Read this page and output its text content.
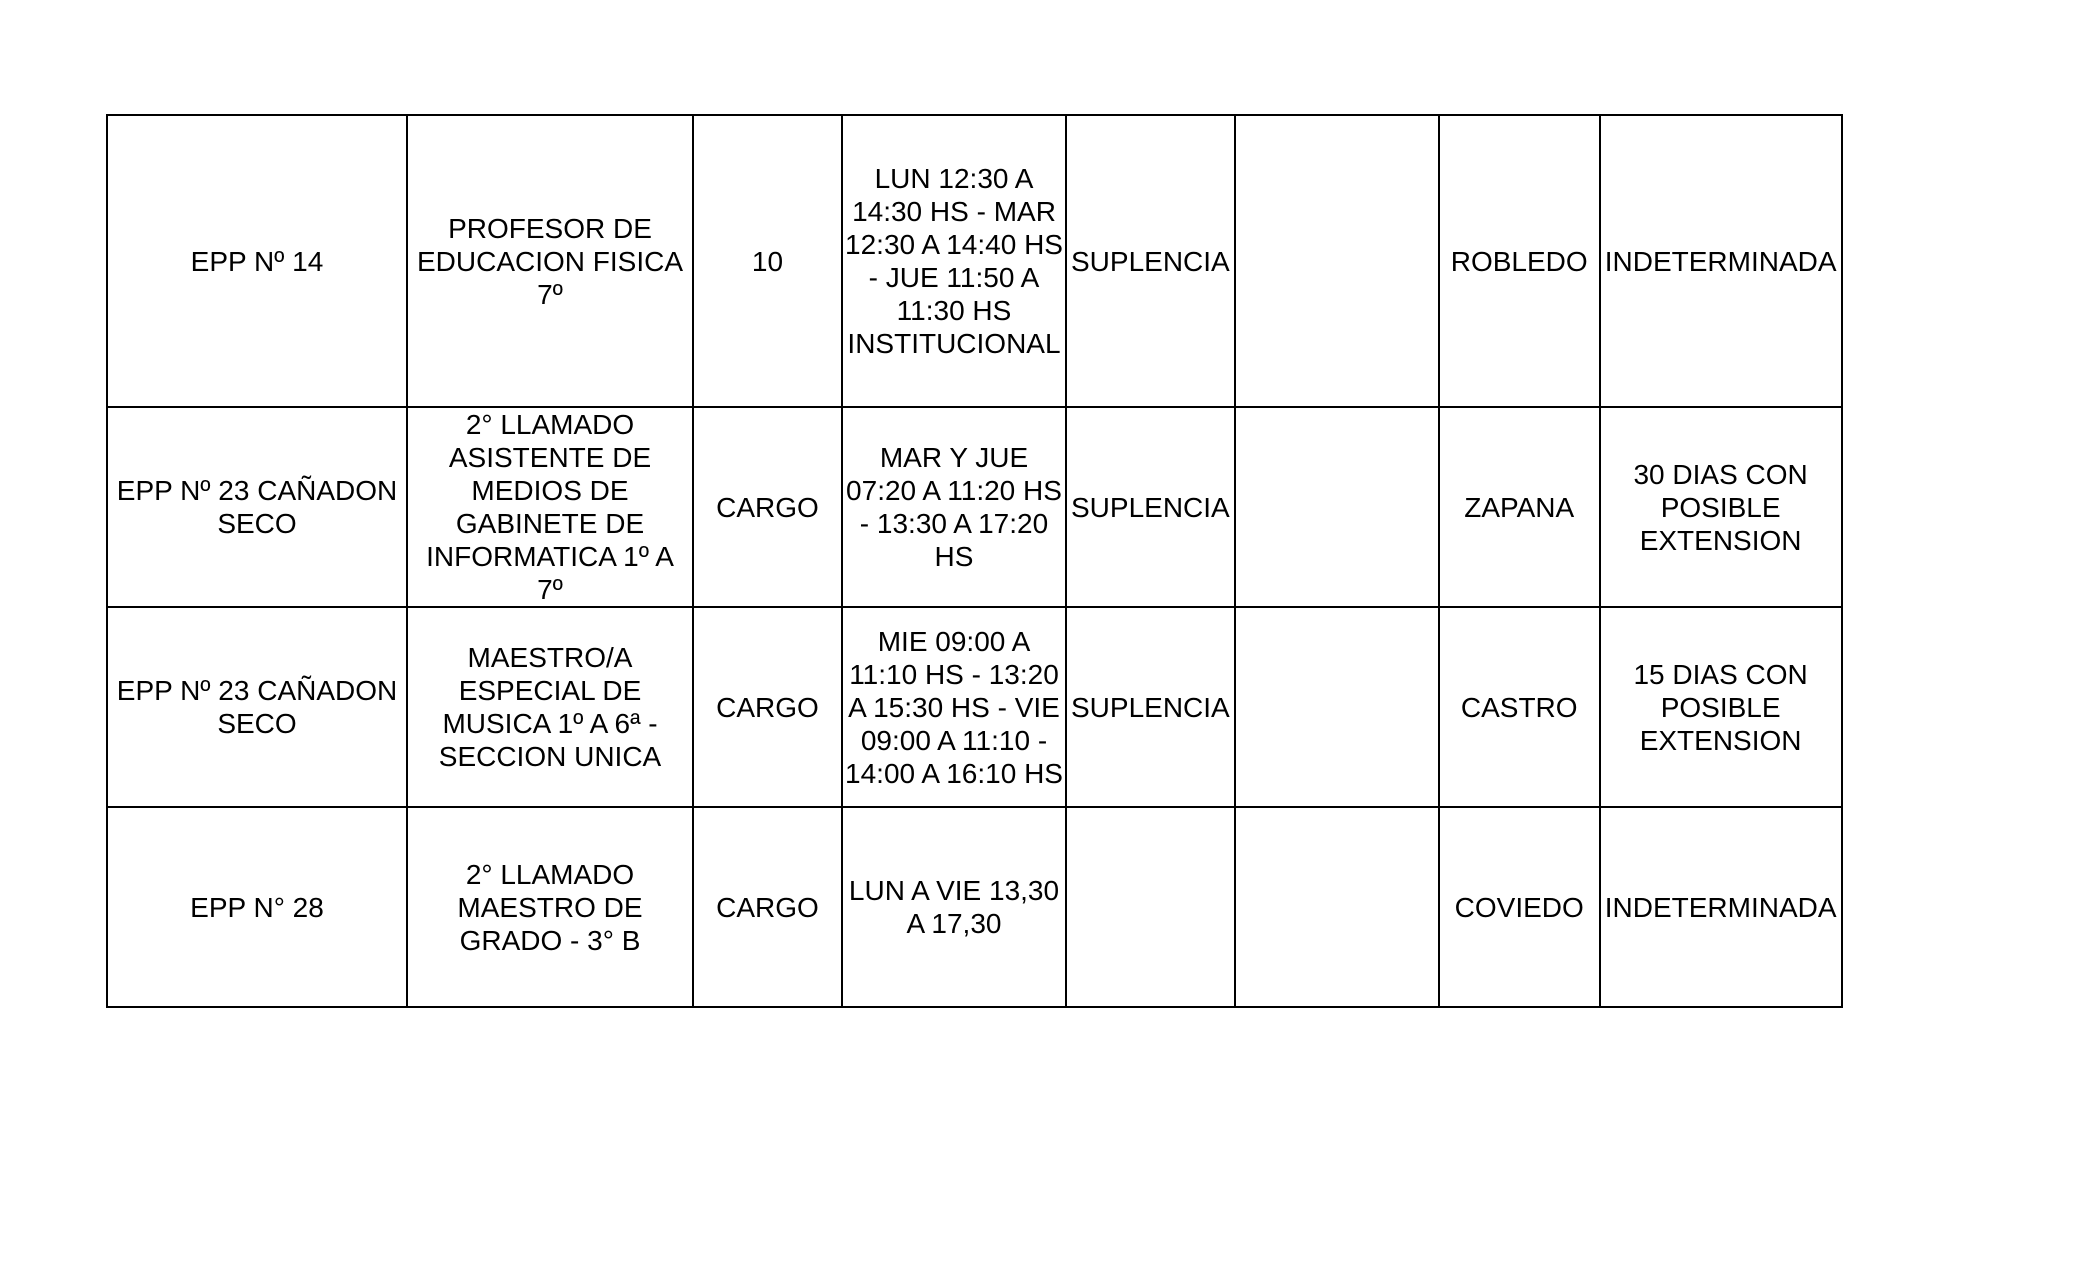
EPP Nº 14	PROFESOR DE EDUCACION FISICA 7º	10	LUN 12:30 A 14:30 HS - MAR 12:30 A 14:40 HS - JUE 11:50 A 11:30 HS INSTITUCIONAL	SUPLENCIA		ROBLEDO	INDETERMINADA
EPP Nº 23 CAÑADON SECO	2° LLAMADO ASISTENTE DE MEDIOS DE GABINETE DE INFORMATICA 1º A 7º	CARGO	MAR Y JUE 07:20 A 11:20 HS - 13:30 A 17:20 HS	SUPLENCIA		ZAPANA	30 DIAS CON POSIBLE EXTENSION
EPP Nº 23 CAÑADON SECO	MAESTRO/A ESPECIAL DE MUSICA 1º A 6ª - SECCION UNICA	CARGO	MIE 09:00 A 11:10 HS - 13:20 A 15:30 HS - VIE 09:00 A 11:10 - 14:00 A 16:10 HS	SUPLENCIA		CASTRO	15 DIAS CON POSIBLE EXTENSION
EPP N° 28	2° LLAMADO MAESTRO DE GRADO - 3° B	CARGO	LUN A VIE 13,30 A 17,30			COVIEDO	INDETERMINADA
